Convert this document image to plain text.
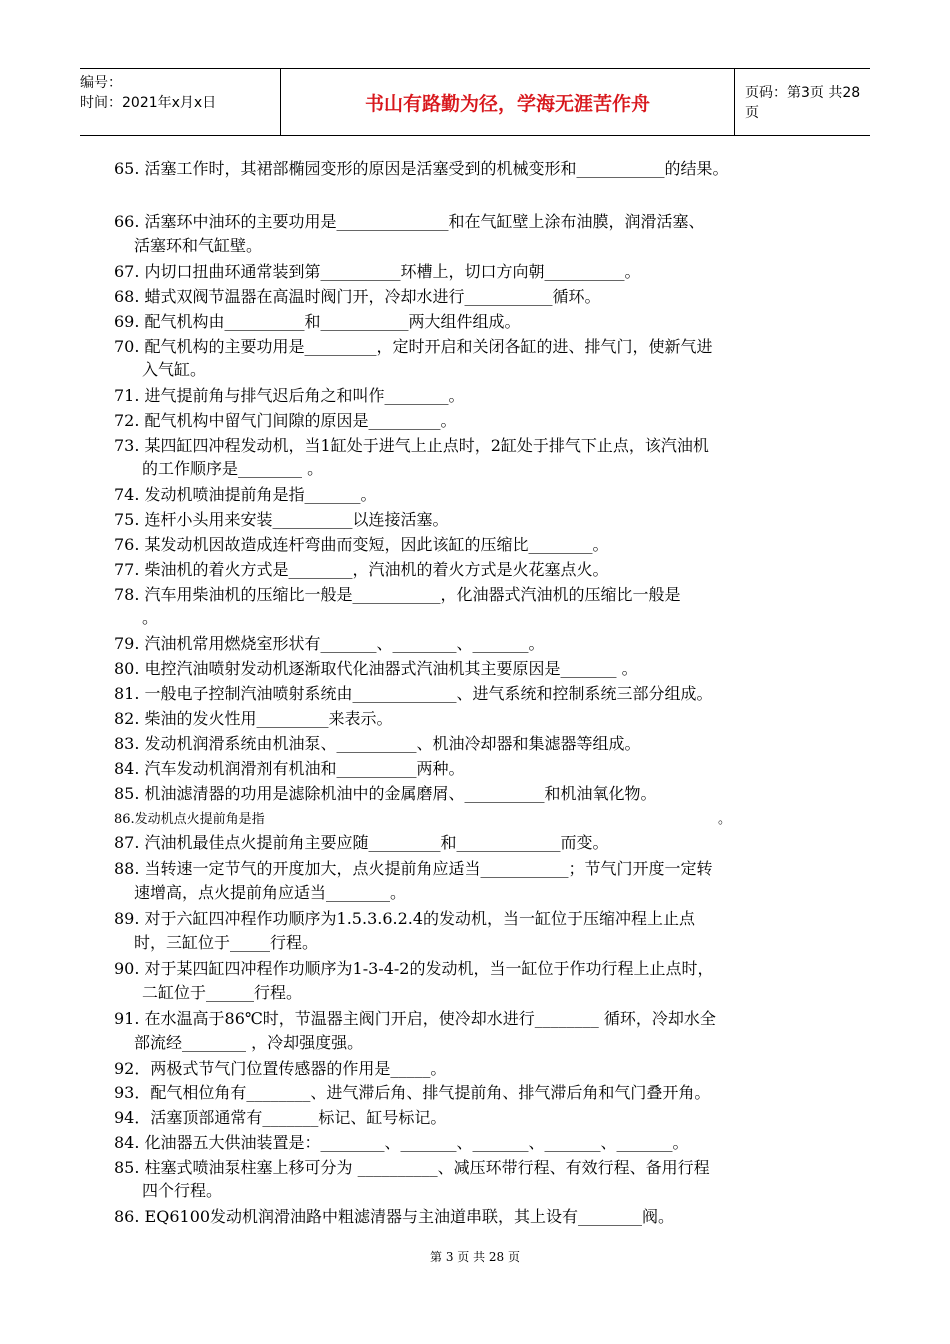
编号：
时间：2021年x月x日	书山有路勤为径，学海无涯苦作舟	页码：第3页 共28页
65. 活塞工作时，其裙部椭园变形的原因是活塞受到的机械变形和___________的结果。
66. 活塞环中油环的主要功用是______________和在气缸壁上涂布油膜，润滑活塞、
活塞环和气缸壁。
67. 内切口扭曲环通常装到第__________环槽上，切口方向朝__________。
68. 蜡式双阀节温器在高温时阀门开，冷却水进行___________循环。
69. 配气机构由__________和___________两大组件组成。
70. 配气机构的主要功用是_________，定时开启和关闭各缸的进、排气门，使新气进
入气缸。
71. 进气提前角与排气迟后角之和叫作________。
72. 配气机构中留气门间隙的原因是_________。
73. 某四缸四冲程发动机，当1缸处于进气上止点时，2缸处于排气下止点，该汽油机
的工作顺序是________ 。
74. 发动机喷油提前角是指_______。
75. 连杆小头用来安装__________以连接活塞。
76. 某发动机因故造成连杆弯曲而变短，因此该缸的压缩比________。
77. 柴油机的着火方式是________，汽油机的着火方式是火花塞点火。
78. 汽车用柴油机的压缩比一般是___________，化油器式汽油机的压缩比一般是
。
79. 汽油机常用燃烧室形状有_______、________、_______。
80. 电控汽油喷射发动机逐渐取代化油器式汽油机其主要原因是_______ 。
81. 一般电子控制汽油喷射系统由_____________、进气系统和控制系统三部分组成。
82. 柴油的发火性用_________来表示。
83. 发动机润滑系统由机油泵、__________、机油冷却器和集滤器等组成。
84. 汽车发动机润滑剂有机油和__________两种。
85. 机油滤清器的功用是滤除机油中的金属磨屑、__________和机油氧化物。
86.发动机点火提前角是指	。
87. 汽油机最佳点火提前角主要应随_________和_____________而变。
88. 当转速一定节气的开度加大，点火提前角应适当___________；节气门开度一定转
速增高，点火提前角应适当________。
89. 对于六缸四冲程作功顺序为1.5.3.6.2.4的发动机，当一缸位于压缩冲程上止点
时，三缸位于_____行程。
90. 对于某四缸四冲程作功顺序为1-3-4-2的发动机，当一缸位于作功行程上止点时，
二缸位于______行程。
91. 在水温高于86℃时，节温器主阀门开启，使冷却水进行________ 循环，冷却水全
部流经________ ，冷却强度强。
92．两极式节气门位置传感器的作用是_____。
93．配气相位角有________、进气滞后角、排气提前角、排气滞后角和气门叠开角。
94．活塞顶部通常有_______标记、缸号标记。
84. 化油器五大供油装置是：________、_______、_______、_______、_______。
85. 柱塞式喷油泵柱塞上移可分为 __________、减压环带行程、有效行程、备用行程
四个行程。
86. EQ6100发动机润滑油路中粗滤清器与主油道串联，其上设有________阀。
第 3 页 共 28 页
